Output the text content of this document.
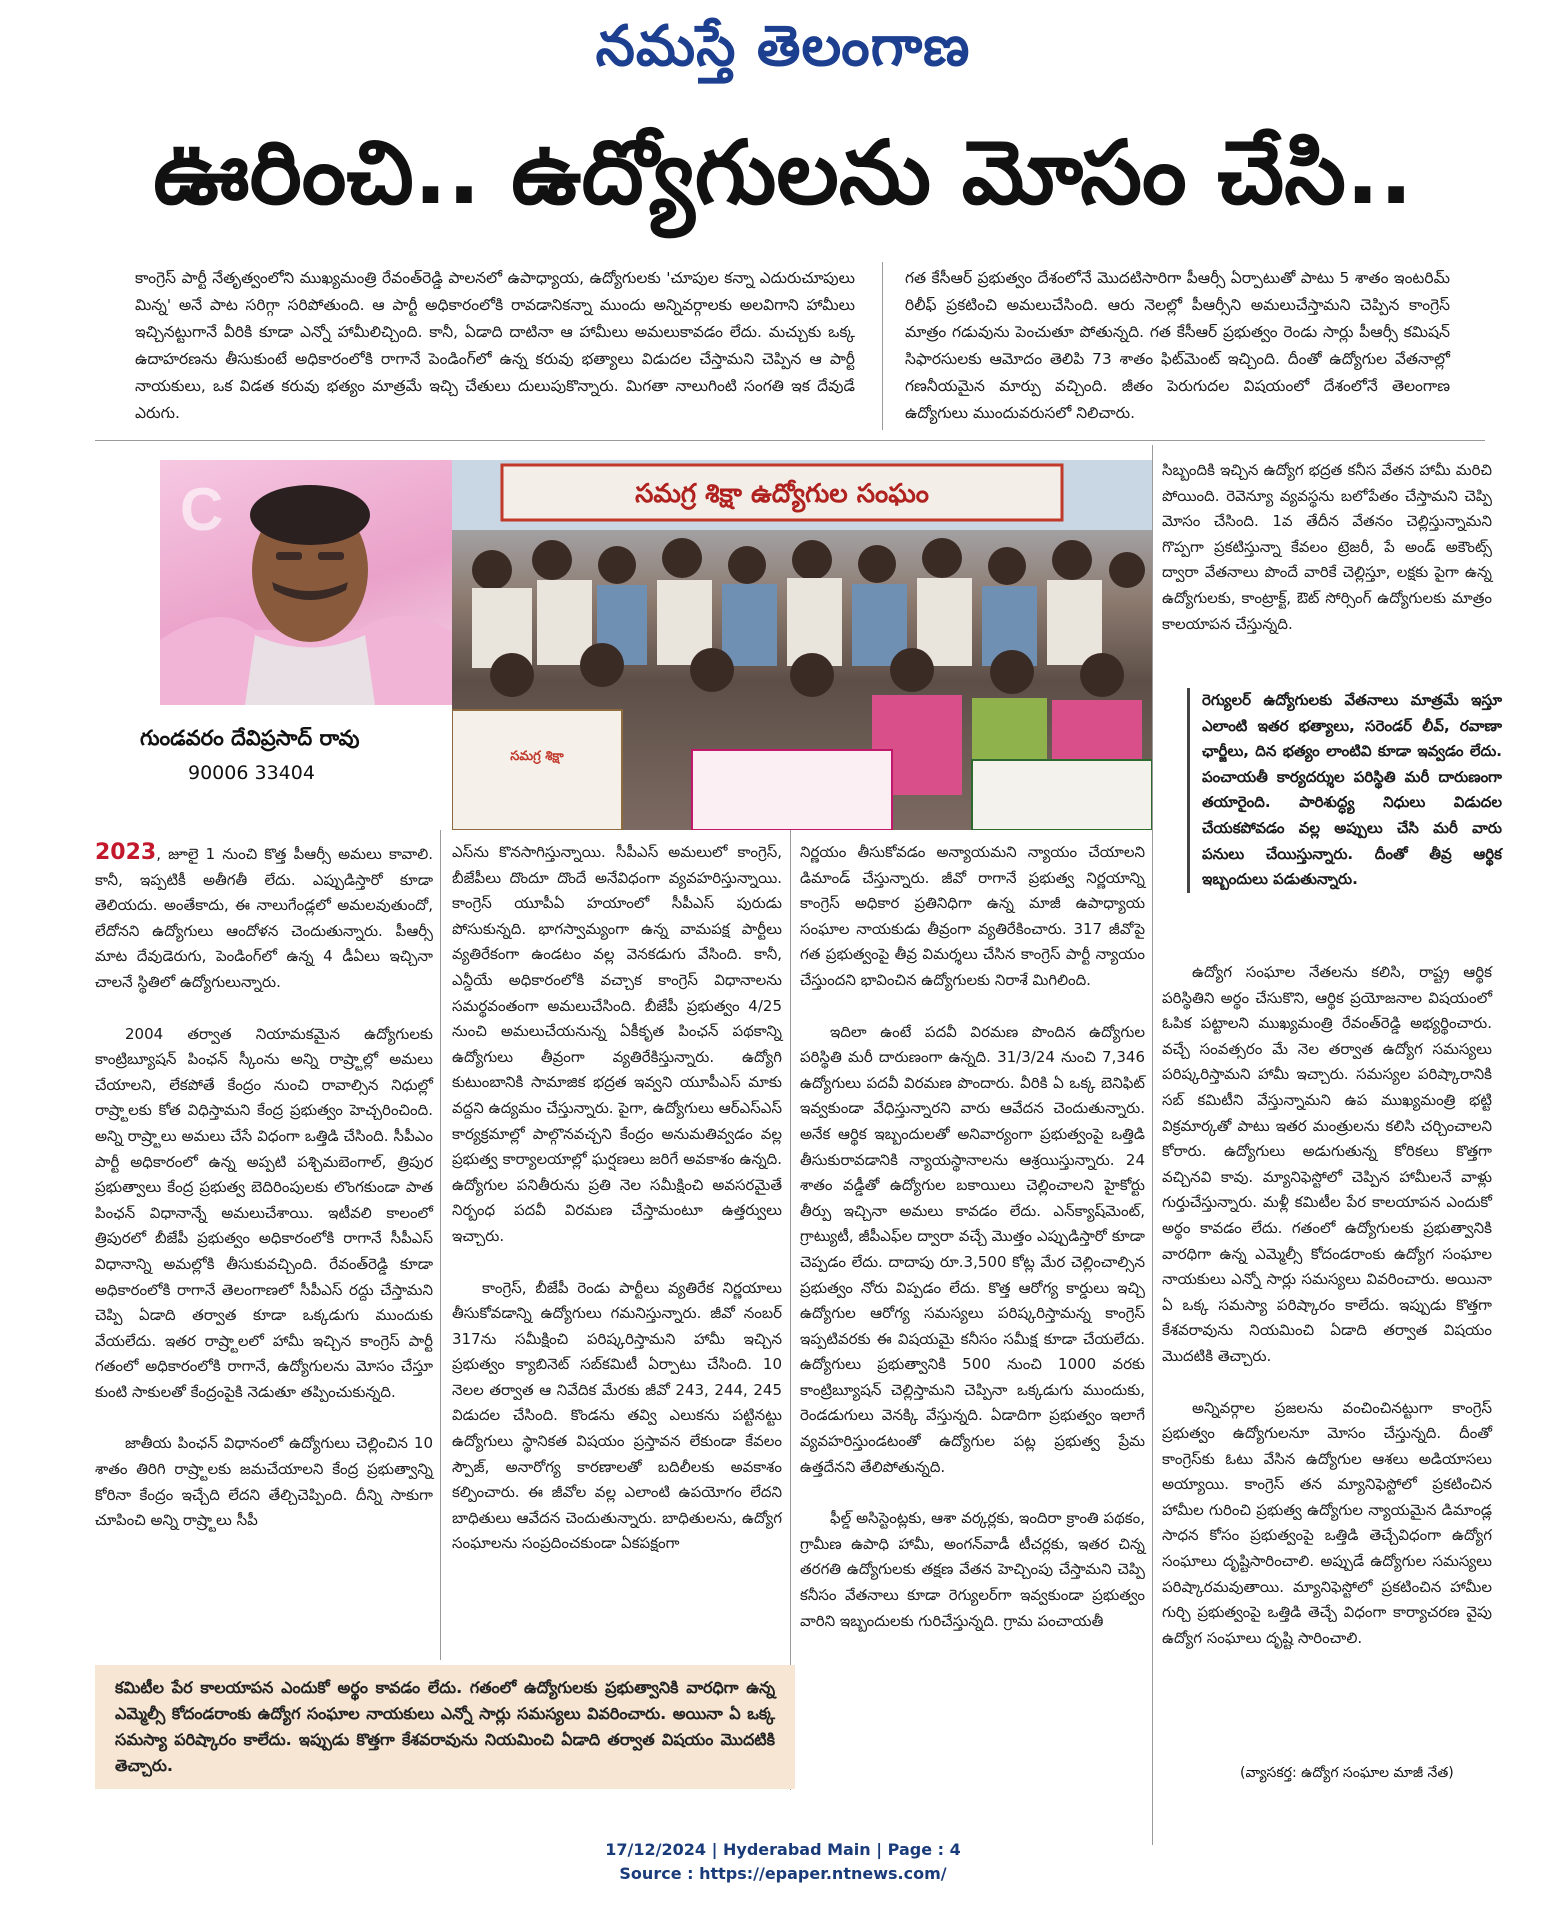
నమస్తే తెలంగాణ
ఊరించి.. ఉద్యోగులను మోసం చేసి..
కాంగ్రెస్‌ పార్టీ నేతృత్వంలోని ముఖ్యమంత్రి రేవంత్‌రెడ్డి పాలనలో ఉపాధ్యాయ, ఉద్యోగులకు 'చూపుల కన్నా ఎదురుచూపులు మిన్న' అనే పాట సరిగ్గా సరిపోతుంది. ఆ పార్టీ అధికారంలోకి రావడానికన్నా ముందు అన్నివర్గాలకు అలవిగాని హామీలు ఇచ్చినట్టుగానే వీరికి కూడా ఎన్నో హామీలిచ్చింది. కానీ, ఏడాది దాటినా ఆ హామీలు అమలుకావడం లేదు. మచ్చుకు ఒక్క ఉదాహరణను తీసుకుంటే అధికారంలోకి రాగానే పెండింగ్‌లో ఉన్న కరువు భత్యాలు విడుదల చేస్తామని చెప్పిన ఆ పార్టీ నాయకులు, ఒక విడత కరువు భత్యం మాత్రమే ఇచ్చి చేతులు దులుపుకొన్నారు. మిగతా నాలుగింటి సంగతి ఇక దేవుడే ఎరుగు.
గత కేసీఆర్‌ ప్రభుత్వం దేశంలోనే మొదటిసారిగా పీఆర్సీ ఏర్పాటుతో పాటు 5 శాతం ఇంటరిమ్‌ రిలీఫ్‌ ప్రకటించి అమలుచేసింది. ఆరు నెలల్లో పీఆర్సీని అమలుచేస్తామని చెప్పిన కాంగ్రెస్‌ మాత్రం గడువును పెంచుతూ పోతున్నది. గత కేసీఆర్‌ ప్రభుత్వం రెండు సార్లు పీఆర్సీ కమిషన్‌ సిఫారసులకు ఆమోదం తెలిపి 73 శాతం ఫిట్‌మెంట్‌ ఇచ్చింది. దీంతో ఉద్యోగుల వేతనాల్లో గణనీయమైన మార్పు వచ్చింది. జీతం పెరుగుదల విషయంలో దేశంలోనే తెలంగాణ ఉద్యోగులు ముందువరుసలో నిలిచారు.
C
గుండవరం దేవిప్రసాద్‌ రావు
90006 33404
సమగ్ర శిక్షా ఉద్యోగుల సంఘం
సమగ్ర శిక్షా

2023, జూలై 1 నుంచి కొత్త పీఆర్సీ అమలు కావాలి. కానీ, ఇప్పటికీ అతీగతీ లేదు. ఎప్పుడిస్తారో కూడా తెలియదు. అంతేకాదు, ఈ నాలుగేండ్లలో అమలవుతుందో, లేదోనని ఉద్యోగులు ఆందోళన చెందుతున్నారు. పీఆర్సీ మాట దేవుడెరుగు, పెండింగ్‌లో ఉన్న 4 డీఏలు ఇచ్చినా చాలనే స్థితిలో ఉద్యోగులున్నారు.

2004 తర్వాత నియామకమైన ఉద్యోగులకు కాంట్రిబ్యూషన్‌ పింఛన్‌ స్కీంను అన్ని రాష్ర్టాల్లో అమలు చేయాలని, లేకపోతే కేంద్రం నుంచి రావాల్సిన నిధుల్లో రాష్ర్టాలకు కోత విధిస్తామని కేంద్ర ప్రభుత్వం హెచ్చరించింది. అన్ని రాష్ర్టాలు అమలు చేసే విధంగా ఒత్తిడి చేసింది. సీపీఎం పార్టీ అధికారంలో ఉన్న అప్పటి పశ్చిమబెంగాల్‌, త్రిపుర ప్రభుత్వాలు కేంద్ర ప్రభుత్వ బెదిరింపులకు లొంగకుండా పాత పింఛన్‌ విధానాన్నే అమలుచేశాయి. ఇటీవలి కాలంలో త్రిపురలో బీజేపీ ప్రభుత్వం అధికారంలోకి రాగానే సీపీఎస్‌ విధానాన్ని అమల్లోకి తీసుకువచ్చింది. రేవంత్‌రెడ్డి కూడా అధికారంలోకి రాగానే తెలంగాణలో సీపీఎస్‌ రద్దు చేస్తామని చెప్పి ఏడాది తర్వాత కూడా ఒక్కడుగు ముందుకు వేయలేదు. ఇతర రాష్ర్టాలలో హామీ ఇచ్చిన కాంగ్రెస్‌ పార్టీ గతంలో అధికారంలోకి రాగానే, ఉద్యోగులను మోసం చేస్తూ కుంటి సాకులతో కేంద్రంపైకి నెడుతూ తప్పించుకున్నది.

జాతీయ పింఛన్‌ విధానంలో ఉద్యోగులు చెల్లించిన 10 శాతం తిరిగి రాష్ర్టాలకు జమచేయాలని కేంద్ర ప్రభుత్వాన్ని కోరినా కేంద్రం ఇచ్చేది లేదని తేల్చిచెప్పింది. దీన్ని సాకుగా చూపించి అన్ని రాష్ర్టాలు సీపీ

ఎస్‌ను కొనసాగిస్తున్నాయి. సీపీఎస్‌ అమలులో కాంగ్రెస్‌, బీజేపీలు దొందూ దొందే అనేవిధంగా వ్యవహరిస్తున్నాయి. కాంగ్రెస్‌ యూపీఏ హయాంలో సీపీఎస్‌ పురుడు పోసుకున్నది. భాగస్వామ్యంగా ఉన్న వామపక్ష పార్టీలు వ్యతిరేకంగా ఉండటం వల్ల వెనకడుగు వేసింది. కానీ, ఎన్డీయే అధికారంలోకి వచ్చాక కాంగ్రెస్‌ విధానాలను సమర్థవంతంగా అమలుచేసింది. బీజేపీ ప్రభుత్వం 4/25 నుంచి అమలుచేయనున్న ఏకీకృత పింఛన్‌ పథకాన్ని ఉద్యోగులు తీవ్రంగా వ్యతిరేకిస్తున్నారు. ఉద్యోగి కుటుంబానికి సామాజిక భద్రత ఇవ్వని యూపీఎస్‌ మాకు వద్దని ఉద్యమం చేస్తున్నారు. పైగా, ఉద్యోగులు ఆర్‌ఎస్‌ఎస్‌ కార్యక్రమాల్లో పాల్గొనవచ్చని కేంద్రం అనుమతివ్వడం వల్ల ప్రభుత్వ కార్యాలయాల్లో ఘర్షణలు జరిగే అవకాశం ఉన్నది. ఉద్యోగుల పనితీరును ప్రతి నెల సమీక్షించి అవసరమైతే నిర్బంధ పదవీ విరమణ చేస్తామంటూ ఉత్తర్వులు ఇచ్చారు.

కాంగ్రెస్‌, బీజేపీ రెండు పార్టీలు వ్యతిరేక నిర్ణయాలు తీసుకోవడాన్ని ఉద్యోగులు గమనిస్తున్నారు. జీవో నంబర్‌ 317ను సమీక్షించి పరిష్కరిస్తామని హామీ ఇచ్చిన ప్రభుత్వం క్యాబినెట్‌ సబ్‌కమిటీ ఏర్పాటు చేసింది. 10 నెలల తర్వాత ఆ నివేదిక మేరకు జీవో 243, 244, 245 విడుదల చేసింది. కొండను తవ్వి ఎలుకను పట్టినట్టు ఉద్యోగులు స్థానికత విషయం ప్రస్తావన లేకుండా కేవలం స్పౌజ్‌, అనారోగ్య కారణాలతో బదిలీలకు అవకాశం కల్పించారు. ఈ జీవోల వల్ల ఎలాంటి ఉపయోగం లేదని బాధితులు ఆవేదన చెందుతున్నారు. బాధితులను, ఉద్యోగ సంఘాలను సంప్రదించకుండా ఏకపక్షంగా

నిర్ణయం తీసుకోవడం అన్యాయమని న్యాయం చేయాలని డిమాండ్‌ చేస్తున్నారు. జీవో రాగానే ప్రభుత్వ నిర్ణయాన్ని కాంగ్రెస్‌ అధికార ప్రతినిధిగా ఉన్న మాజీ ఉపాధ్యాయ సంఘాల నాయకుడు తీవ్రంగా వ్యతిరేకించారు. 317 జీవోపై గత ప్రభుత్వంపై తీవ్ర విమర్శలు చేసిన కాంగ్రెస్‌ పార్టీ న్యాయం చేస్తుందని భావించిన ఉద్యోగులకు నిరాశే మిగిలింది.

ఇదిలా ఉంటే పదవీ విరమణ పొందిన ఉద్యోగుల పరిస్థితి మరీ దారుణంగా ఉన్నది. 31/3/24 నుంచి 7,346 ఉద్యోగులు పదవీ విరమణ పొందారు. వీరికి ఏ ఒక్క బెనిఫిట్‌ ఇవ్వకుండా వేధిస్తున్నారని వారు ఆవేదన చెందుతున్నారు. అనేక ఆర్థిక ఇబ్బందులతో అనివార్యంగా ప్రభుత్వంపై ఒత్తిడి తీసుకురావడానికి న్యాయస్థానాలను ఆశ్రయిస్తున్నారు. 24 శాతం వడ్డీతో ఉద్యోగుల బకాయిలు చెల్లించాలని హైకోర్టు తీర్పు ఇచ్చినా అమలు కావడం లేదు. ఎన్‌క్యాష్‌మెంట్‌, గ్రాట్యుటీ, జీపీఎఫ్‌ల ద్వారా వచ్చే మొత్తం ఎప్పుడిస్తారో కూడా చెప్పడం లేదు. దాదాపు రూ.3,500 కోట్ల మేర చెల్లించాల్సిన ప్రభుత్వం నోరు విప్పడం లేదు. కొత్త ఆరోగ్య కార్డులు ఇచ్చి ఉద్యోగుల ఆరోగ్య సమస్యలు పరిష్కరిస్తామన్న కాంగ్రెస్‌ ఇప్పటివరకు ఈ విషయమై కనీసం సమీక్ష కూడా చేయలేదు. ఉద్యోగులు ప్రభుత్వానికి 500 నుంచి 1000 వరకు కాంట్రిబ్యూషన్‌ చెల్లిస్తామని చెప్పినా ఒక్కడుగు ముందుకు, రెండడుగులు వెనక్కి వేస్తున్నది. ఏడాదిగా ప్రభుత్వం ఇలాగే వ్యవహరిస్తుండటంతో ఉద్యోగుల పట్ల ప్రభుత్వ ప్రేమ ఉత్తదేనని తేలిపోతున్నది.

ఫీల్డ్‌ అసిస్టెంట్లకు, ఆశా వర్కర్లకు, ఇందిరా క్రాంతి పథకం, గ్రామీణ ఉపాధి హామీ, అంగన్‌వాడీ టీచర్లకు, ఇతర చిన్న తరగతి ఉద్యోగులకు తక్షణ వేతన హెచ్చింపు చేస్తామని చెప్పి కనీసం వేతనాలు కూడా రెగ్యులర్‌గా ఇవ్వకుండా ప్రభుత్వం వారిని ఇబ్బందులకు గురిచేస్తున్నది. గ్రామ పంచాయతీ

సిబ్బందికి ఇచ్చిన ఉద్యోగ భద్రత కనీస వేతన హామీ మరిచి పోయింది. రెవెన్యూ వ్యవస్థను బలోపేతం చేస్తామని చెప్పి మోసం చేసింది. 1వ తేదీన వేతనం చెల్లిస్తున్నామని గొప్పగా ప్రకటిస్తున్నా కేవలం ట్రెజరీ, పే అండ్‌ అకౌంట్స్‌ ద్వారా వేతనాలు పొందే వారికే చెల్లిస్తూ, లక్షకు పైగా ఉన్న ఉద్యోగులకు, కాంట్రాక్ట్‌, ఔట్‌ సోర్సింగ్‌ ఉద్యోగులకు మాత్రం కాలయాపన చేస్తున్నది.

రెగ్యులర్‌ ఉద్యోగులకు వేతనాలు మాత్రమే ఇస్తూ ఎలాంటి ఇతర భత్యాలు, సరెండర్‌ లీవ్‌, రవాణా ఛార్జీలు, దిన భత్యం లాంటివి కూడా ఇవ్వడం లేదు. పంచాయతీ కార్యదర్శుల పరిస్థితి మరీ దారుణంగా తయారైంది. పారిశుద్ధ్య నిధులు విడుదల చేయకపోవడం వల్ల అప్పులు చేసి మరీ వారు పనులు చేయిస్తున్నారు. దీంతో తీవ్ర ఆర్థిక ఇబ్బందులు పడుతున్నారు.

ఉద్యోగ సంఘాల నేతలను కలిసి, రాష్ట్ర ఆర్థిక పరిస్థితిని అర్థం చేసుకొని, ఆర్థిక ప్రయోజనాల విషయంలో ఓపిక పట్టాలని ముఖ్యమంత్రి రేవంత్‌రెడ్డి అభ్యర్థించారు. వచ్చే సంవత్సరం మే నెల తర్వాత ఉద్యోగ సమస్యలు పరిష్కరిస్తామని హామీ ఇచ్చారు. సమస్యల పరిష్కారానికి సబ్‌ కమిటీని వేస్తున్నామని ఉప ముఖ్యమంత్రి భట్టి విక్రమార్కతో పాటు ఇతర మంత్రులను కలిసి చర్చించాలని కోరారు. ఉద్యోగులు అడుగుతున్న కోరికలు కొత్తగా వచ్చినవి కావు. మ్యానిఫెస్టోలో చెప్పిన హామీలనే వాళ్లు గుర్తుచేస్తున్నారు. మళ్లీ కమిటీల పేర కాలయాపన ఎందుకో అర్థం కావడం లేదు. గతంలో ఉద్యోగులకు ప్రభుత్వానికి వారధిగా ఉన్న ఎమ్మెల్సీ కోదండరాంకు ఉద్యోగ సంఘాల నాయకులు ఎన్నో సార్లు సమస్యలు వివరించారు. అయినా ఏ ఒక్క సమస్యా పరిష్కారం కాలేదు. ఇప్పుడు కొత్తగా కేశవరావును నియమించి ఏడాది తర్వాత విషయం మొదటికి తెచ్చారు.

అన్నివర్గాల ప్రజలను వంచించినట్టుగా కాంగ్రెస్‌ ప్రభుత్వం ఉద్యోగులనూ మోసం చేస్తున్నది. దీంతో కాంగ్రెస్‌కు ఓటు వేసిన ఉద్యోగుల ఆశలు అడియాసలు అయ్యాయి. కాంగ్రెస్‌ తన మ్యానిఫెస్టోలో ప్రకటించిన హామీల గురించి ప్రభుత్వ ఉద్యోగుల న్యాయమైన డిమాండ్ల సాధన కోసం ప్రభుత్వంపై ఒత్తిడి తెచ్చేవిధంగా ఉద్యోగ సంఘాలు దృష్టిసారించాలి. అప్పుడే ఉద్యోగుల సమస్యలు పరిష్కారమవుతాయి. మ్యానిఫెస్టోలో ప్రకటించిన హామీల గుర్చి ప్రభుత్వంపై ఒత్తిడి తెచ్చే విధంగా కార్యాచరణ వైపు ఉద్యోగ సంఘాలు దృష్టి సారించాలి.

కమిటీల పేర కాలయాపన ఎందుకో అర్థం కావడం లేదు. గతంలో ఉద్యోగులకు ప్రభుత్వానికి వారధిగా ఉన్న ఎమ్మెల్సీ కోదండరాంకు ఉద్యోగ సంఘాల నాయకులు ఎన్నో సార్లు సమస్యలు వివరించారు. అయినా ఏ ఒక్క సమస్యా పరిష్కారం కాలేదు. ఇప్పుడు కొత్తగా కేశవరావును నియమించి ఏడాది తర్వాత విషయం మొదటికి తెచ్చారు.	(వ్యాసకర్త: ఉద్యోగ సంఘాల మాజీ నేత)
17/12/2024 | Hyderabad Main | Page : 4
Source : https://epaper.ntnews.com/
